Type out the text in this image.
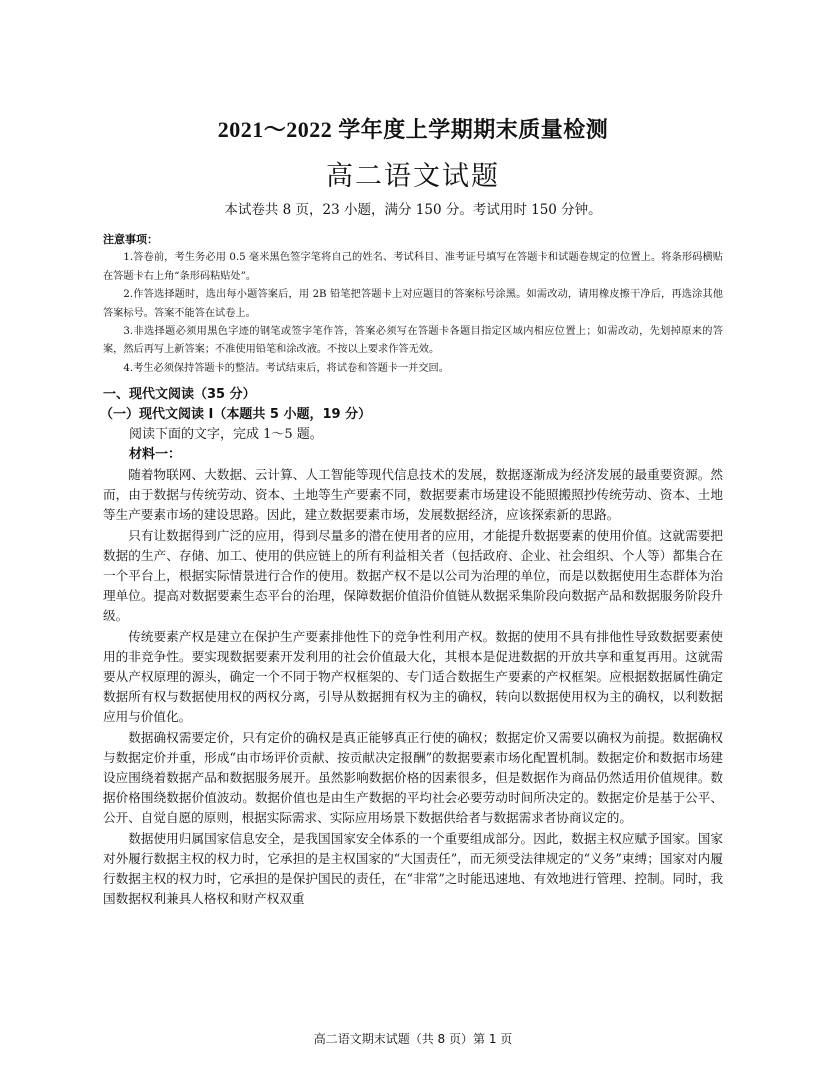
2021～2022 学年度上学期期末质量检测
高二语文试题
本试卷共 8 页，23 小题，满分 150 分。考试用时 150 分钟。
注意事项：

1.答卷前，考生务必用 0.5 毫米黑色签字笔将自己的姓名、考试科目、准考证号填写在答题卡和试题卷规定的位置上。将条形码横贴在答题卡右上角“条形码粘贴处”。

2.作答选择题时，选出每小题答案后，用 2B 铅笔把答题卡上对应题目的答案标号涂黑。如需改动，请用橡皮擦干净后，再选涂其他答案标号。答案不能答在试卷上。

3.非选择题必须用黑色字迹的钢笔或签字笔作答，答案必须写在答题卡各题目指定区域内相应位置上；如需改动，先划掉原来的答案，然后再写上新答案；不准使用铅笔和涂改液。不按以上要求作答无效。

4.考生必须保持答题卡的整洁。考试结束后，将试卷和答题卡一并交回。

一、现代文阅读（35 分）

（一）现代文阅读 I（本题共 5 小题，19 分）

阅读下面的文字，完成 1～5 题。

材料一：

随着物联网、大数据、云计算、人工智能等现代信息技术的发展，数据逐渐成为经济发展的最重要资源。然而，由于数据与传统劳动、资本、土地等生产要素不同，数据要素市场建设不能照搬照抄传统劳动、资本、土地等生产要素市场的建设思路。因此，建立数据要素市场，发展数据经济，应该探索新的思路。

只有让数据得到广泛的应用，得到尽量多的潜在使用者的应用，才能提升数据要素的使用价值。这就需要把数据的生产、存储、加工、使用的供应链上的所有利益相关者（包括政府、企业、社会组织、个人等）都集合在一个平台上，根据实际情景进行合作的使用。数据产权不是以公司为治理的单位，而是以数据使用生态群体为治理单位。提高对数据要素生态平台的治理，保障数据价值沿价值链从数据采集阶段向数据产品和数据服务阶段升级。

传统要素产权是建立在保护生产要素排他性下的竞争性利用产权。数据的使用不具有排他性导致数据要素使用的非竞争性。要实现数据要素开发利用的社会价值最大化，其根本是促进数据的开放共享和重复再用。这就需要从产权原理的源头，确定一个不同于物产权框架的、专门适合数据生产要素的产权框架。应根据数据属性确定数据所有权与数据使用权的两权分离，引导从数据拥有权为主的确权，转向以数据使用权为主的确权，以利数据应用与价值化。

数据确权需要定价，只有定价的确权是真正能够真正行使的确权；数据定价又需要以确权为前提。数据确权与数据定价并重，形成“由市场评价贡献、按贡献决定报酬”的数据要素市场化配置机制。数据定价和数据市场建设应围绕着数据产品和数据服务展开。虽然影响数据价格的因素很多，但是数据作为商品仍然适用价值规律。数据价格围绕数据价值波动。数据价值也是由生产数据的平均社会必要劳动时间所决定的。数据定价是基于公平、公开、自觉自愿的原则，根据实际需求、实际应用场景下数据供给者与数据需求者协商议定的。

数据使用归属国家信息安全，是我国国家安全体系的一个重要组成部分。因此，数据主权应赋予国家。国家对外履行数据主权的权力时，它承担的是主权国家的“大国责任”，而无须受法律规定的“义务”束缚；国家对内履行数据主权的权力时，它承担的是保护国民的责任，在“非常”之时能迅速地、有效地进行管理、控制。同时，我国数据权利兼具人格权和财产权双重

高二语文期末试题（共 8 页）第 1 页
